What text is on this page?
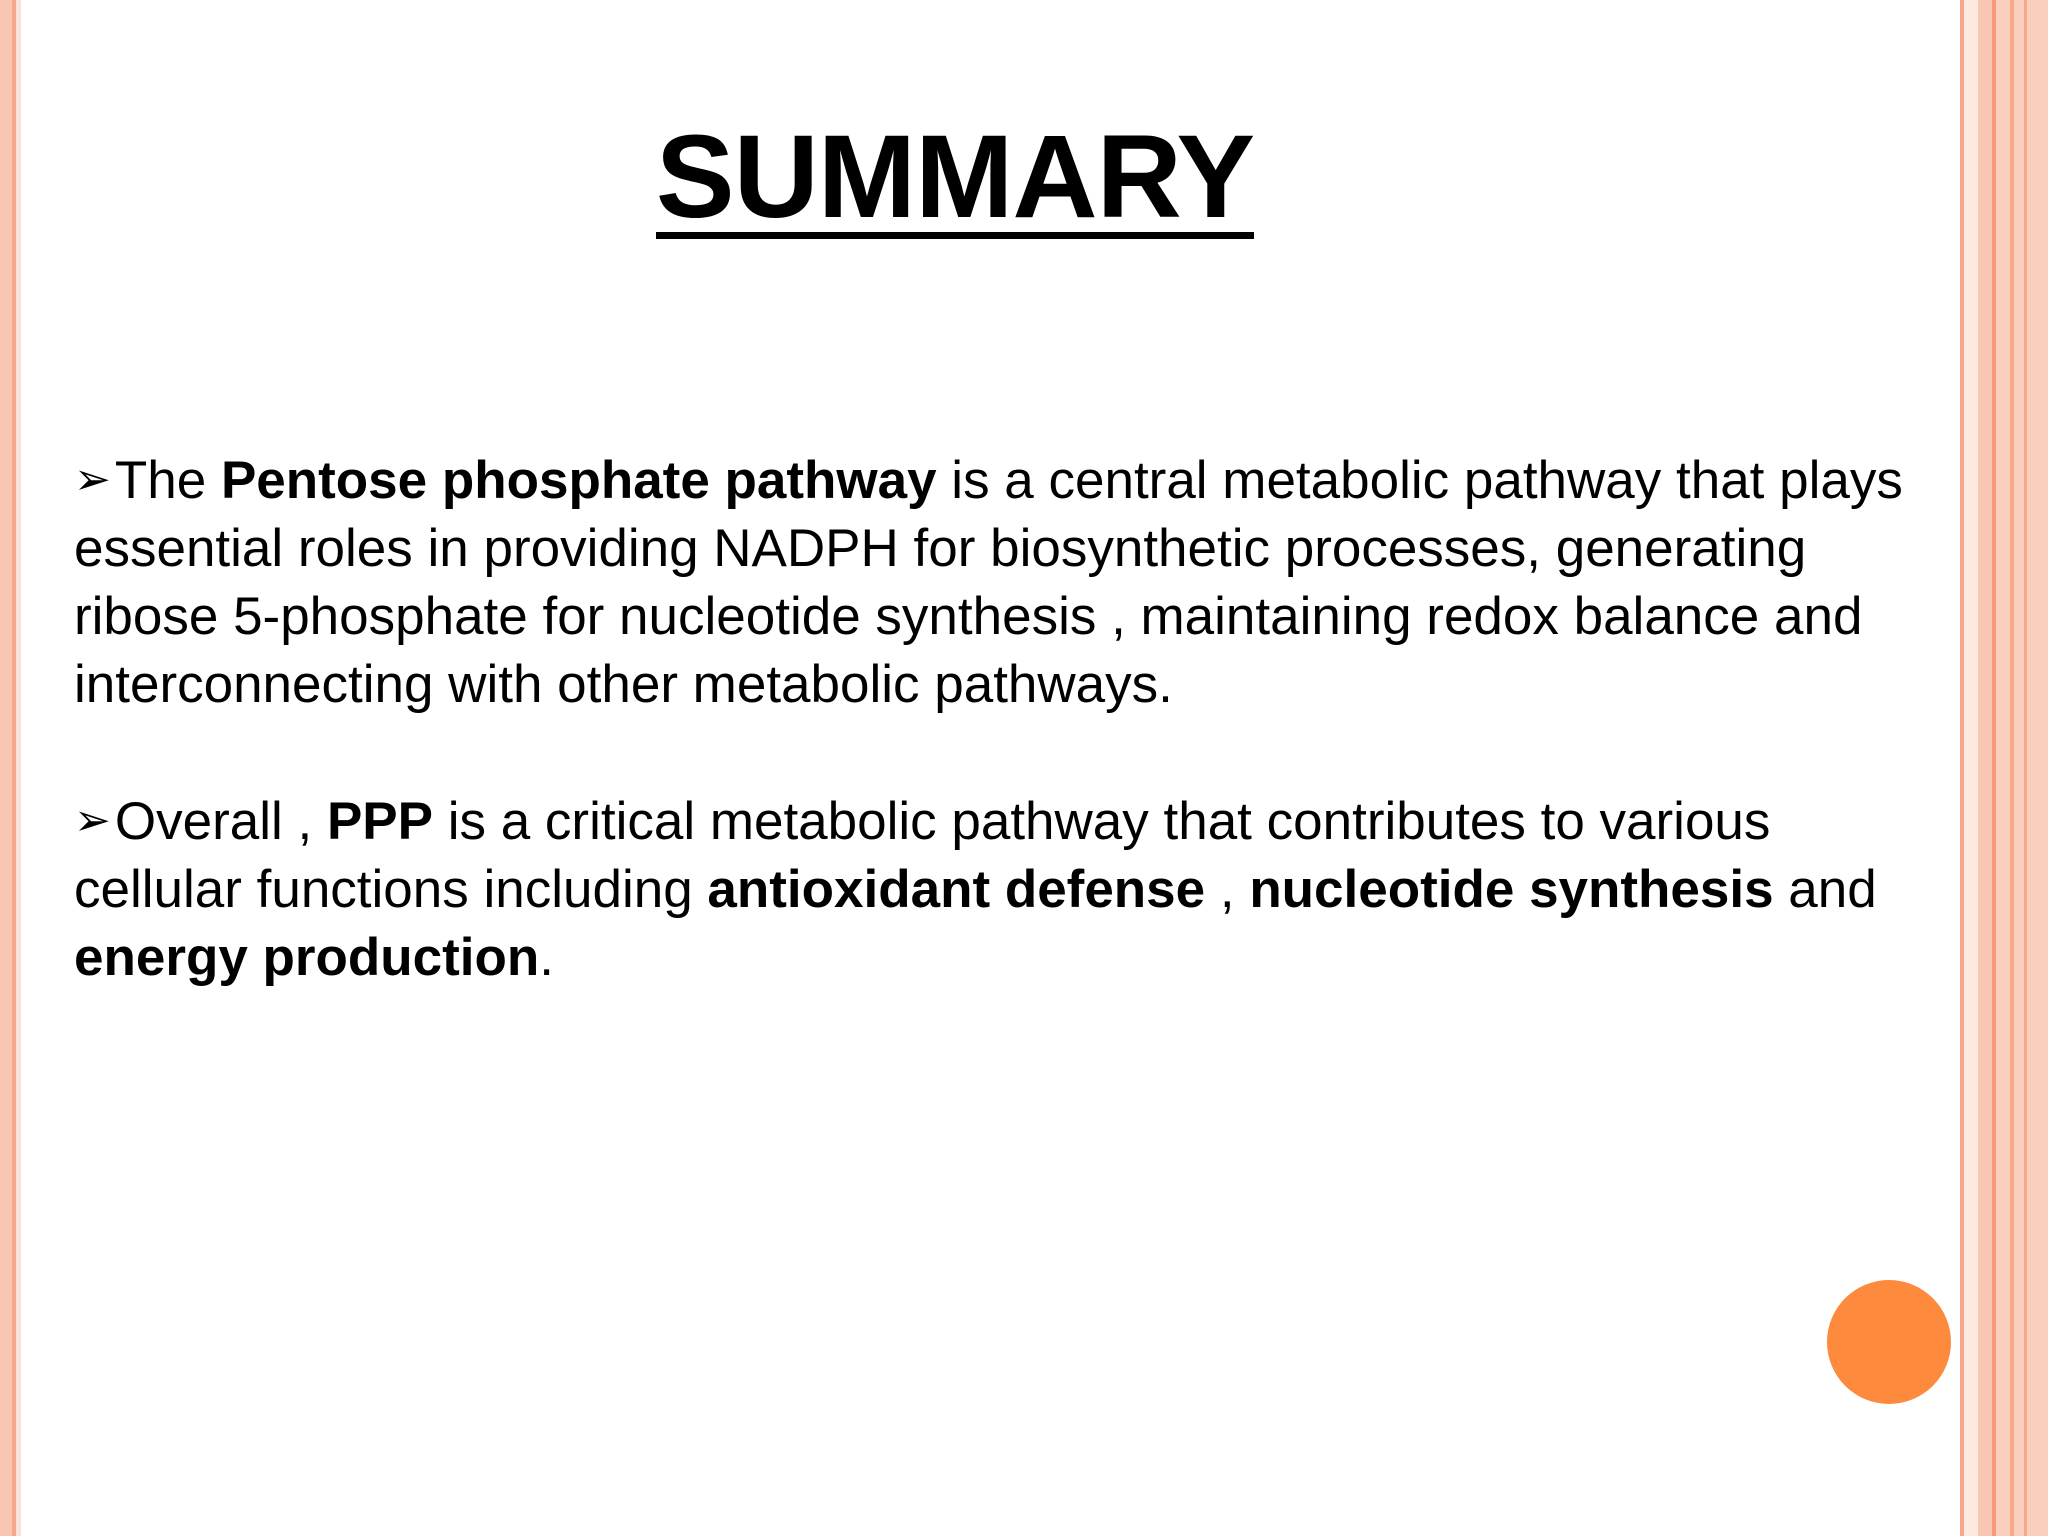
SUMMARY
➢The Pentose phosphate pathway is a central metabolic pathway that plays essential roles in providing NADPH for biosynthetic processes, generating ribose 5-phosphate for nucleotide synthesis , maintaining redox balance and interconnecting with other metabolic pathways.
➢Overall , PPP is a critical metabolic pathway that contributes to various cellular functions including antioxidant defense , nucleotide synthesis and energy production.
